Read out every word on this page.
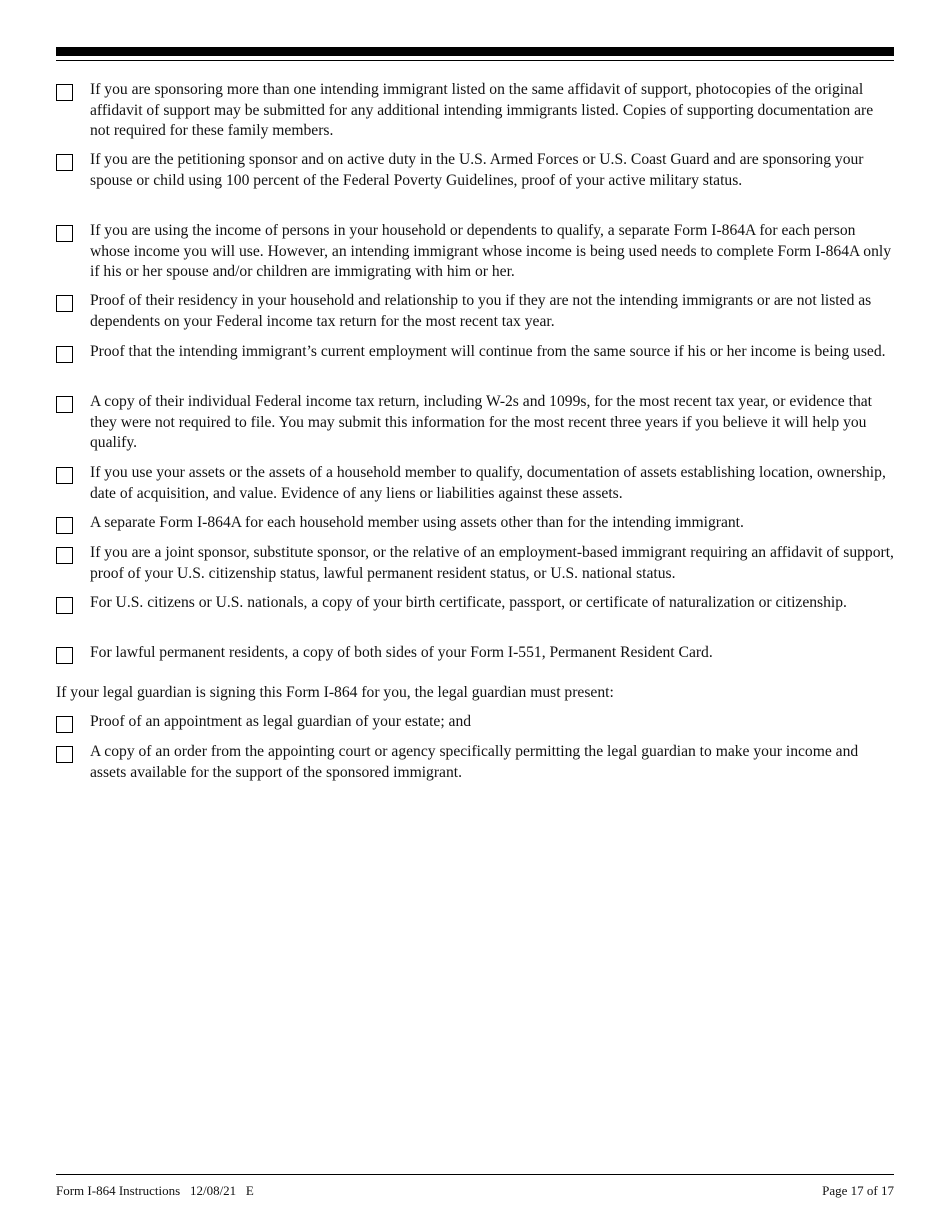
If you are sponsoring more than one intending immigrant listed on the same affidavit of support, photocopies of the original affidavit of support may be submitted for any additional intending immigrants listed. Copies of supporting documentation are not required for these family members.
If you are the petitioning sponsor and on active duty in the U.S. Armed Forces or U.S. Coast Guard and are sponsoring your spouse or child using 100 percent of the Federal Poverty Guidelines, proof of your active military status.
If you are using the income of persons in your household or dependents to qualify, a separate Form I-864A for each person whose income you will use. However, an intending immigrant whose income is being used needs to complete Form I-864A only if his or her spouse and/or children are immigrating with him or her.
Proof of their residency in your household and relationship to you if they are not the intending immigrants or are not listed as dependents on your Federal income tax return for the most recent tax year.
Proof that the intending immigrant’s current employment will continue from the same source if his or her income is being used.
A copy of their individual Federal income tax return, including W-2s and 1099s, for the most recent tax year, or evidence that they were not required to file. You may submit this information for the most recent three years if you believe it will help you qualify.
If you use your assets or the assets of a household member to qualify, documentation of assets establishing location, ownership, date of acquisition, and value. Evidence of any liens or liabilities against these assets.
A separate Form I-864A for each household member using assets other than for the intending immigrant.
If you are a joint sponsor, substitute sponsor, or the relative of an employment-based immigrant requiring an affidavit of support, proof of your U.S. citizenship status, lawful permanent resident status, or U.S. national status.
For U.S. citizens or U.S. nationals, a copy of your birth certificate, passport, or certificate of naturalization or citizenship.
For lawful permanent residents, a copy of both sides of your Form I-551, Permanent Resident Card.
If your legal guardian is signing this Form I-864 for you, the legal guardian must present:
Proof of an appointment as legal guardian of your estate; and
A copy of an order from the appointing court or agency specifically permitting the legal guardian to make your income and assets available for the support of the sponsored immigrant.
Form I-864 Instructions   12/08/21   E	Page 17 of 17
